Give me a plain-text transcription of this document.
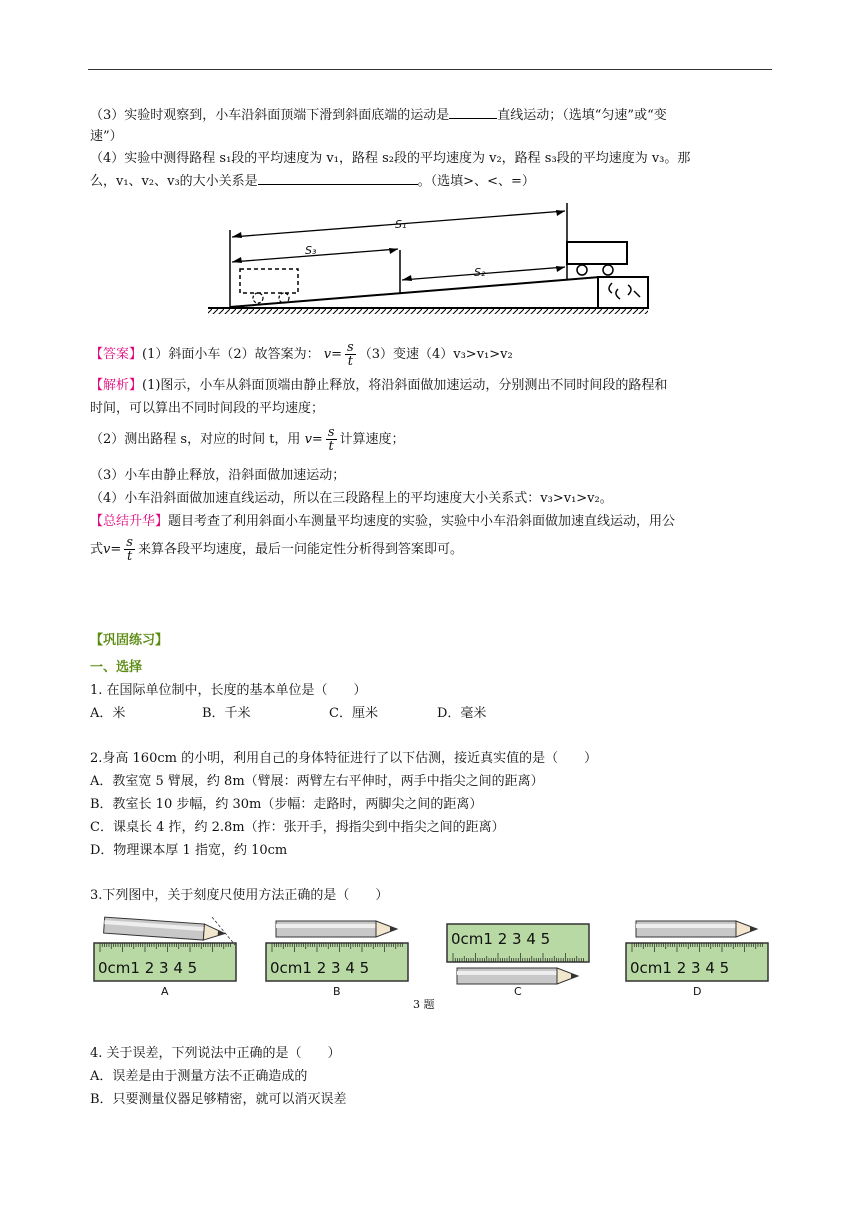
（3）实验时观察到，小车沿斜面顶端下滑到斜面底端的运动是	直线运动；（选填“匀速”或“变
速”）
（4）实验中测得路程 s₁段的平均速度为 v₁，路程 s₂段的平均速度为 v₂，路程 s₃段的平均速度为 v₃。那
么，v₁、v₂、v₃的大小关系是	。（选填>、<、=）
S₁
S₃
S₂
【答案】(1）斜面小车（2）故答案为： $v= \frac{s}{t} (3)$变速（4）v₃>v₁>v₂
【解析】(1)图示，小车从斜面顶端由静止释放，将沿斜面做加速运动，分别测出不同时间段的路程和
时间，可以算出不同时间段的平均速度；
（2）测出路程 s，对应的时间 t，用 $v= \frac{s}{t}$ 计算速度；
（3）小车由静止释放，沿斜面做加速运动；
（4）小车沿斜面做加速直线运动，所以在三段路程上的平均速度大小关系式：v₃>v₁>v₂。
【总结升华】题目考查了利用斜面小车测量平均速度的实验，实验中小车沿斜面做加速直线运动，用公
式$v= \frac{s}{t}$ 来算各段平均速度，最后一问能定性分析得到答案即可。
【巩固练习】
一、选择
1. 在国际单位制中，长度的基本单位是（　　）
A．米	B．千米	C．厘米	D．毫米
2.身高 160cm 的小明，利用自己的身体特征进行了以下估测，接近真实值的是（　　）
A．教室宽 5 臂展，约 8m（臂展：两臂左右平伸时，两手中指尖之间的距离）
B．教室长 10 步幅，约 30m（步幅：走路时，两脚尖之间的距离）
C．课桌长 4 拃，约 2.8m（拃：张开手，拇指尖到中指尖之间的距离）
D．物理课本厚 1 指宽，约 10cm
3.下列图中，关于刻度尺使用方法正确的是（　　）
0cm1 2 3 4 5
A
0cm1 2 3 4 5
B
0cm1 2 3 4 5
C
0cm1 2 3 4 5
D
3 题
4. 关于误差，下列说法中正确的是（　　）
A．误差是由于测量方法不正确造成的
B．只要测量仪器足够精密，就可以消灭误差
